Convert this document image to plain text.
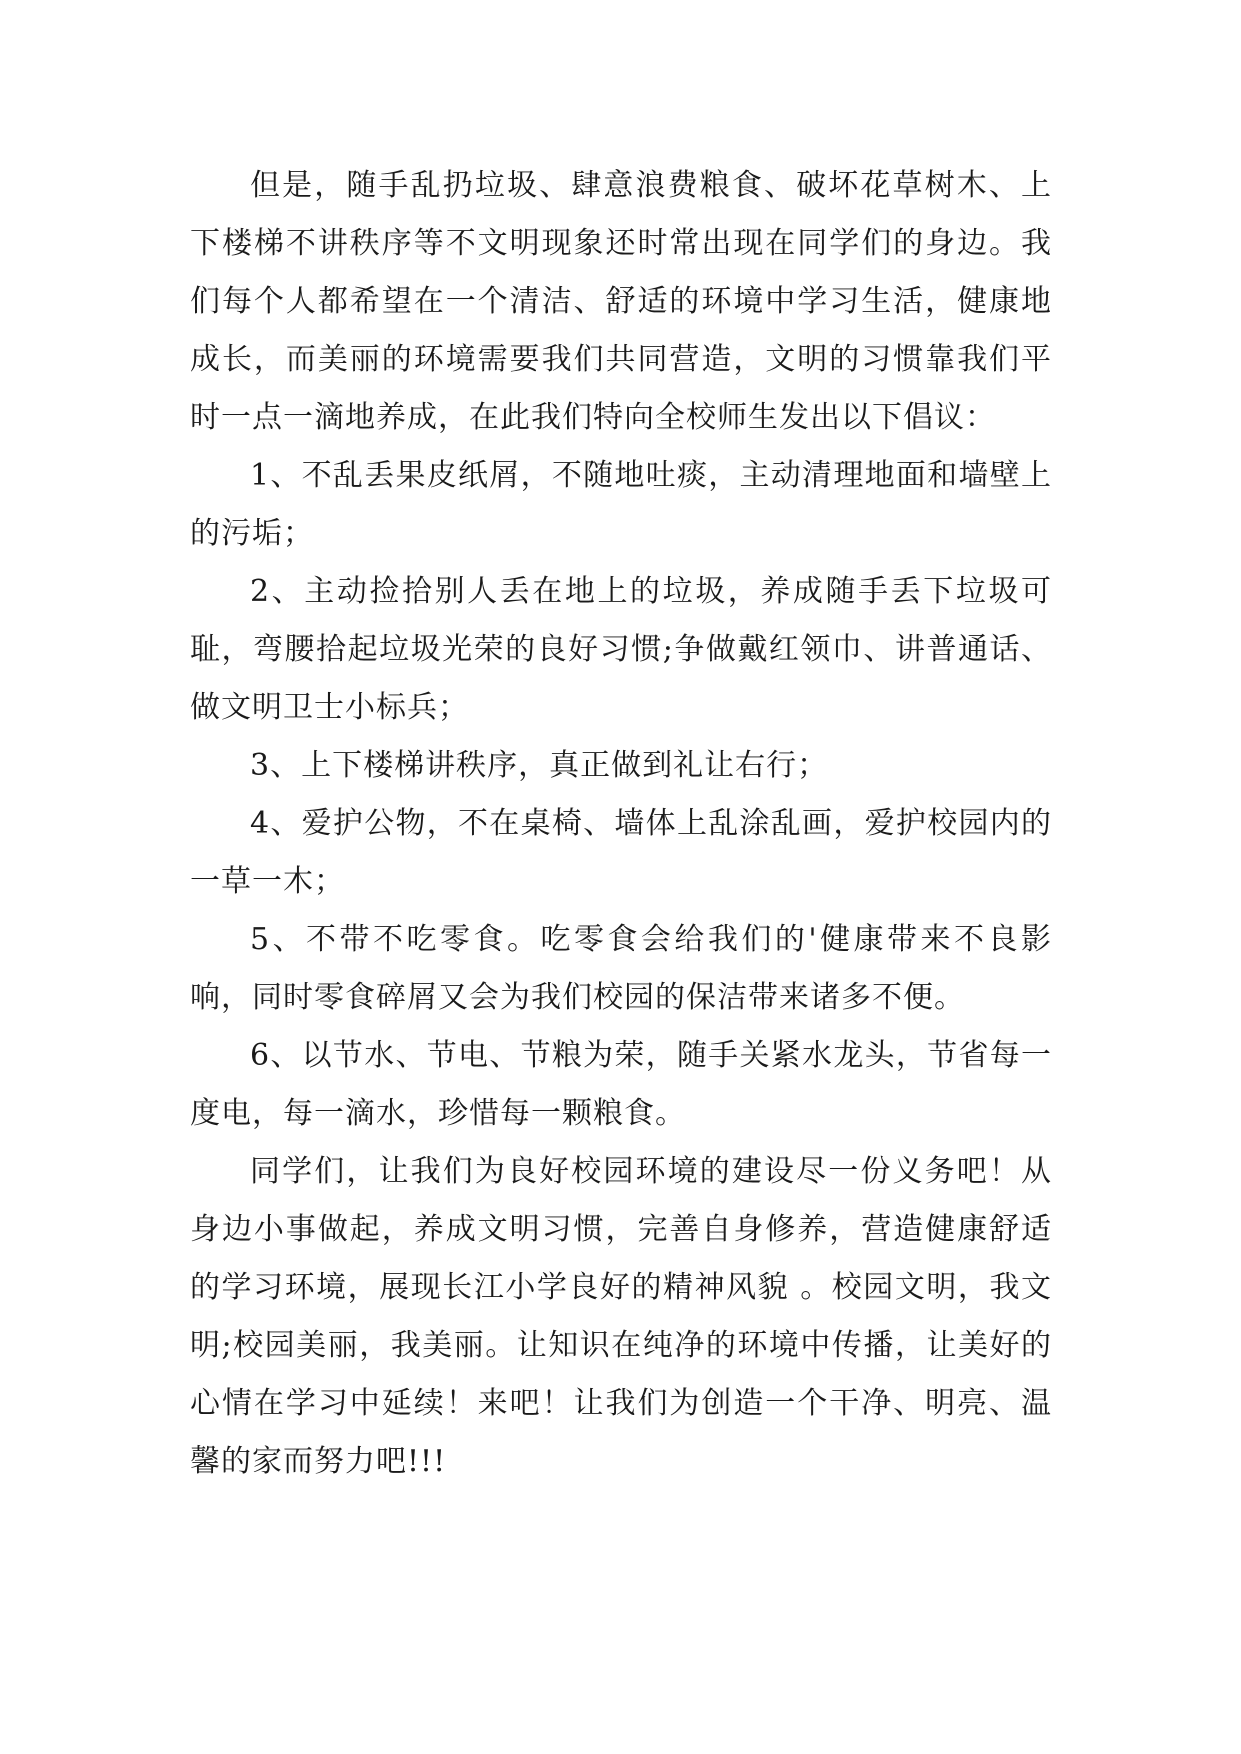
但是，随手乱扔垃圾、肆意浪费粮食、破坏花草树木、上下楼梯不讲秩序等不文明现象还时常出现在同学们的身边。我们每个人都希望在一个清洁、舒适的环境中学习生活，健康地成长，而美丽的环境需要我们共同营造，文明的习惯靠我们平时一点一滴地养成，在此我们特向全校师生发出以下倡议：

1、不乱丢果皮纸屑，不随地吐痰，主动清理地面和墙壁上的污垢；

2、主动捡拾别人丢在地上的垃圾，养成随手丢下垃圾可耻，弯腰拾起垃圾光荣的良好习惯;争做戴红领巾、讲普通话、做文明卫士小标兵；

3、上下楼梯讲秩序，真正做到礼让右行；

4、爱护公物，不在桌椅、墙体上乱涂乱画，爱护校园内的一草一木；

5、不带不吃零食。吃零食会给我们的'健康带来不良影响，同时零食碎屑又会为我们校园的保洁带来诸多不便。

6、以节水、节电、节粮为荣，随手关紧水龙头，节省每一度电，每一滴水，珍惜每一颗粮食。

同学们，让我们为良好校园环境的建设尽一份义务吧！从身边小事做起，养成文明习惯，完善自身修养，营造健康舒适的学习环境，展现长江小学良好的精神风貌 。校园文明，我文明;校园美丽，我美丽。让知识在纯净的环境中传播，让美好的心情在学习中延续！来吧！让我们为创造一个干净、明亮、温馨的家而努力吧!!!
